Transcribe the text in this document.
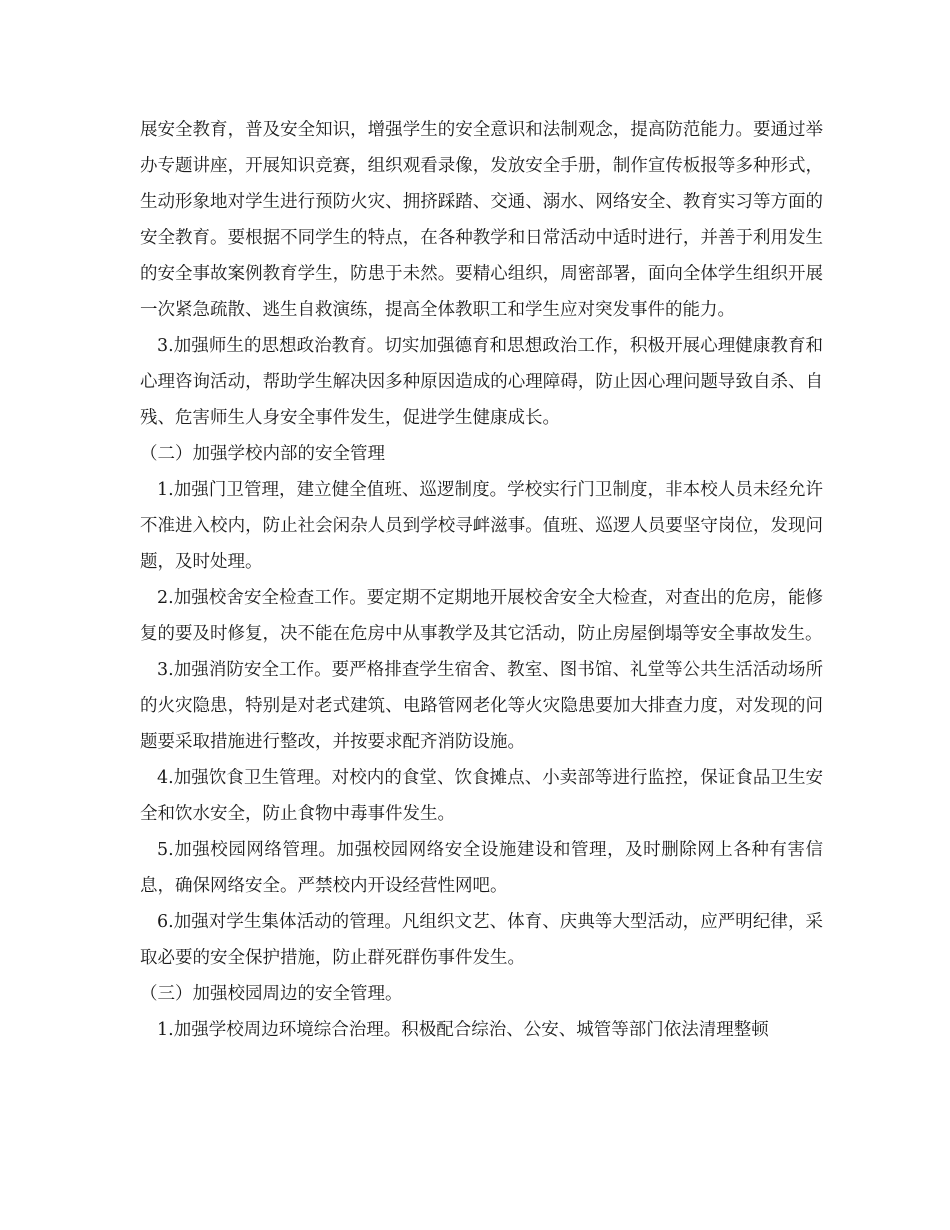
展安全教育，普及安全知识，增强学生的安全意识和法制观念，提高防范能力。要通过举办专题讲座，开展知识竞赛，组织观看录像，发放安全手册，制作宣传板报等多种形式，生动形象地对学生进行预防火灾、拥挤踩踏、交通、溺水、网络安全、教育实习等方面的安全教育。要根据不同学生的特点，在各种教学和日常活动中适时进行，并善于利用发生的安全事故案例教育学生，防患于未然。要精心组织，周密部署，面向全体学生组织开展一次紧急疏散、逃生自救演练，提高全体教职工和学生应对突发事件的能力。

3.加强师生的思想政治教育。切实加强德育和思想政治工作，积极开展心理健康教育和心理咨询活动，帮助学生解决因多种原因造成的心理障碍，防止因心理问题导致自杀、自残、危害师生人身安全事件发生，促进学生健康成长。

（二）加强学校内部的安全管理

1.加强门卫管理，建立健全值班、巡逻制度。学校实行门卫制度，非本校人员未经允许不准进入校内，防止社会闲杂人员到学校寻衅滋事。值班、巡逻人员要坚守岗位，发现问题，及时处理。

2.加强校舍安全检查工作。要定期不定期地开展校舍安全大检查，对查出的危房，能修复的要及时修复，决不能在危房中从事教学及其它活动，防止房屋倒塌等安全事故发生。

3.加强消防安全工作。要严格排查学生宿舍、教室、图书馆、礼堂等公共生活活动场所的火灾隐患，特别是对老式建筑、电路管网老化等火灾隐患要加大排查力度，对发现的问题要采取措施进行整改，并按要求配齐消防设施。

4.加强饮食卫生管理。对校内的食堂、饮食摊点、小卖部等进行监控，保证食品卫生安全和饮水安全，防止食物中毒事件发生。

5.加强校园网络管理。加强校园网络安全设施建设和管理，及时删除网上各种有害信息，确保网络安全。严禁校内开设经营性网吧。

6.加强对学生集体活动的管理。凡组织文艺、体育、庆典等大型活动，应严明纪律，采取必要的安全保护措施，防止群死群伤事件发生。

（三）加强校园周边的安全管理。

1.加强学校周边环境综合治理。积极配合综治、公安、城管等部门依法清理整顿
